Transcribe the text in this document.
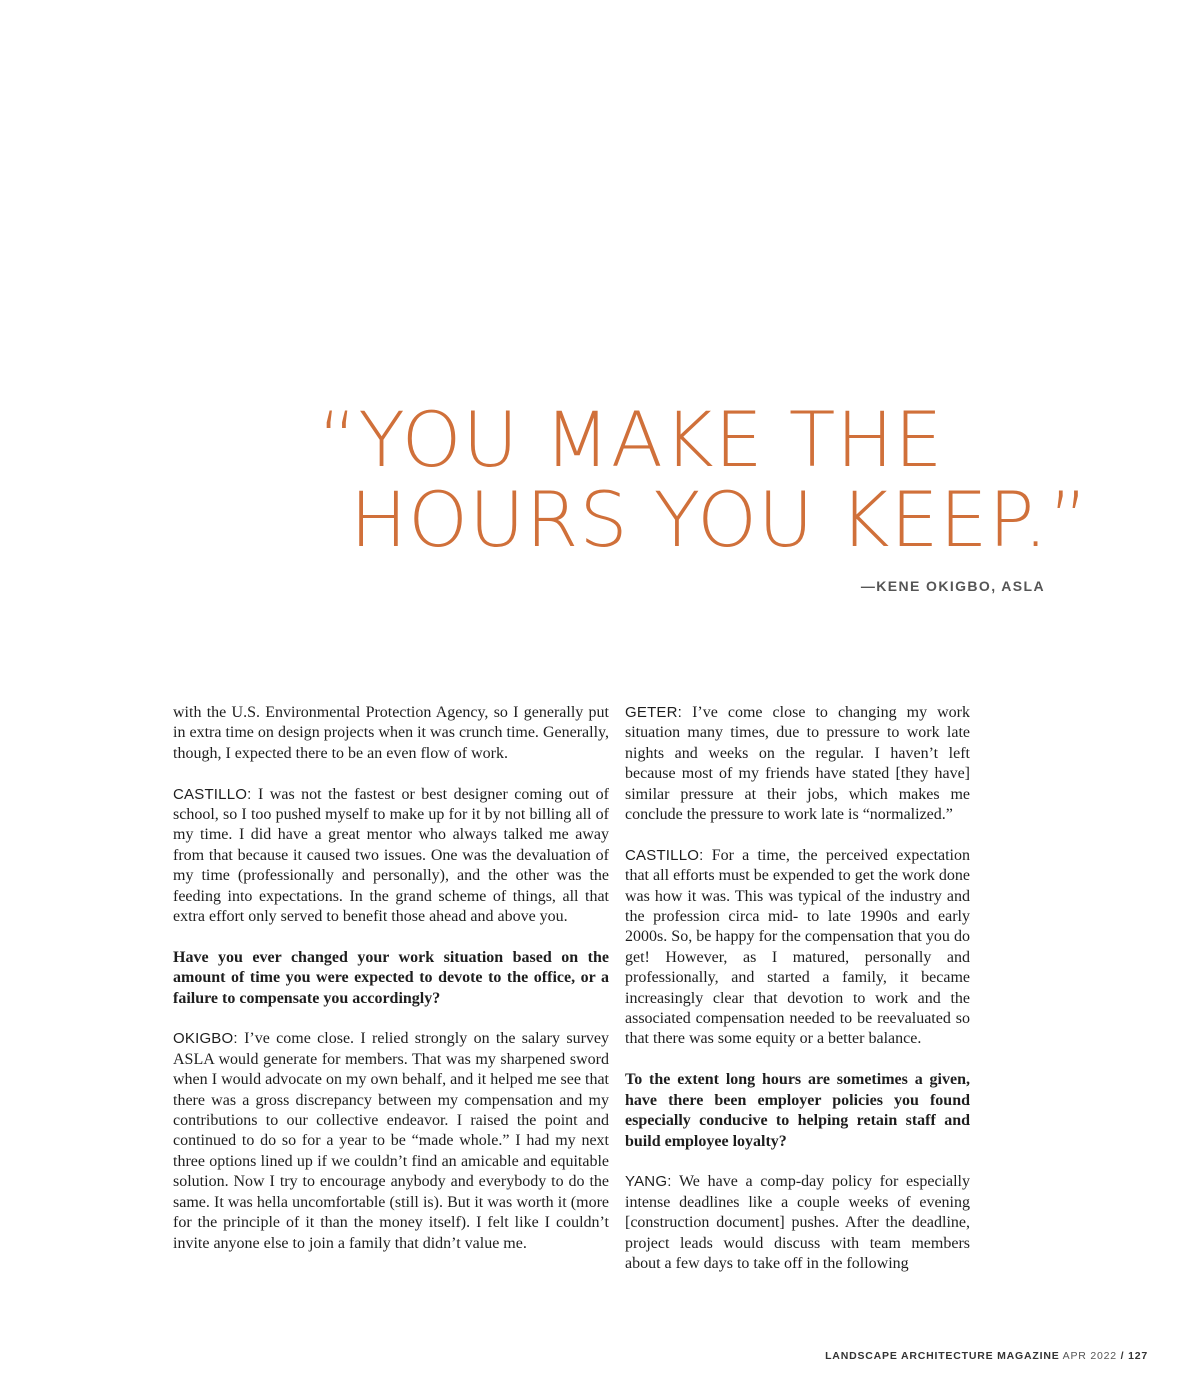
“YOU MAKE THE
HOURS YOU KEEP.”

—KENE OKIGBO, ASLA

with the U.S. Environmental Protection Agency, so I generally put in extra time on design projects when it was crunch time. Generally, though, I expected there to be an even flow of work.

CASTILLO: I was not the fastest or best designer coming out of school, so I too pushed myself to make up for it by not billing all of my time. I did have a great mentor who always talked me away from that because it caused two issues. One was the devaluation of my time (professionally and personally), and the other was the feeding into expectations. In the grand scheme of things, all that extra effort only served to benefit those ahead and above you.

Have you ever changed your work situation based on the amount of time you were expected to devote to the office, or a failure to compensate you accordingly?

OKIGBO: I’ve come close. I relied strongly on the salary survey ASLA would generate for members. That was my sharpened sword when I would advocate on my own behalf, and it helped me see that there was a gross discrepancy between my compensation and my contributions to our collective endeavor. I raised the point and continued to do so for a year to be “made whole.” I had my next three options lined up if we couldn’t find an amicable and equitable solution. Now I try to encourage anybody and everybody to do the same. It was hella uncomfortable (still is). But it was worth it (more for the principle of it than the money itself). I felt like I couldn’t invite anyone else to join a family that didn’t value me.

GETER: I’ve come close to changing my work situation many times, due to pressure to work late nights and weeks on the regular. I haven’t left because most of my friends have stated [they have] similar pressure at their jobs, which makes me conclude the pressure to work late is “normalized.”

CASTILLO: For a time, the perceived expectation that all efforts must be expended to get the work done was how it was. This was typical of the industry and the profession circa mid- to late 1990s and early 2000s. So, be happy for the compensation that you do get! However, as I matured, personally and professionally, and started a family, it became increasingly clear that devotion to work and the associated compensation needed to be reevaluated so that there was some equity or a better balance.

To the extent long hours are sometimes a given, have there been employer policies you found especially conducive to helping retain staff and build employee loyalty?

YANG: We have a comp-day policy for especially intense deadlines like a couple weeks of evening [construction document] pushes. After the deadline, project leads would discuss with team members about a few days to take off in the following

LANDSCAPE ARCHITECTURE MAGAZINE APR 2022 / 127
